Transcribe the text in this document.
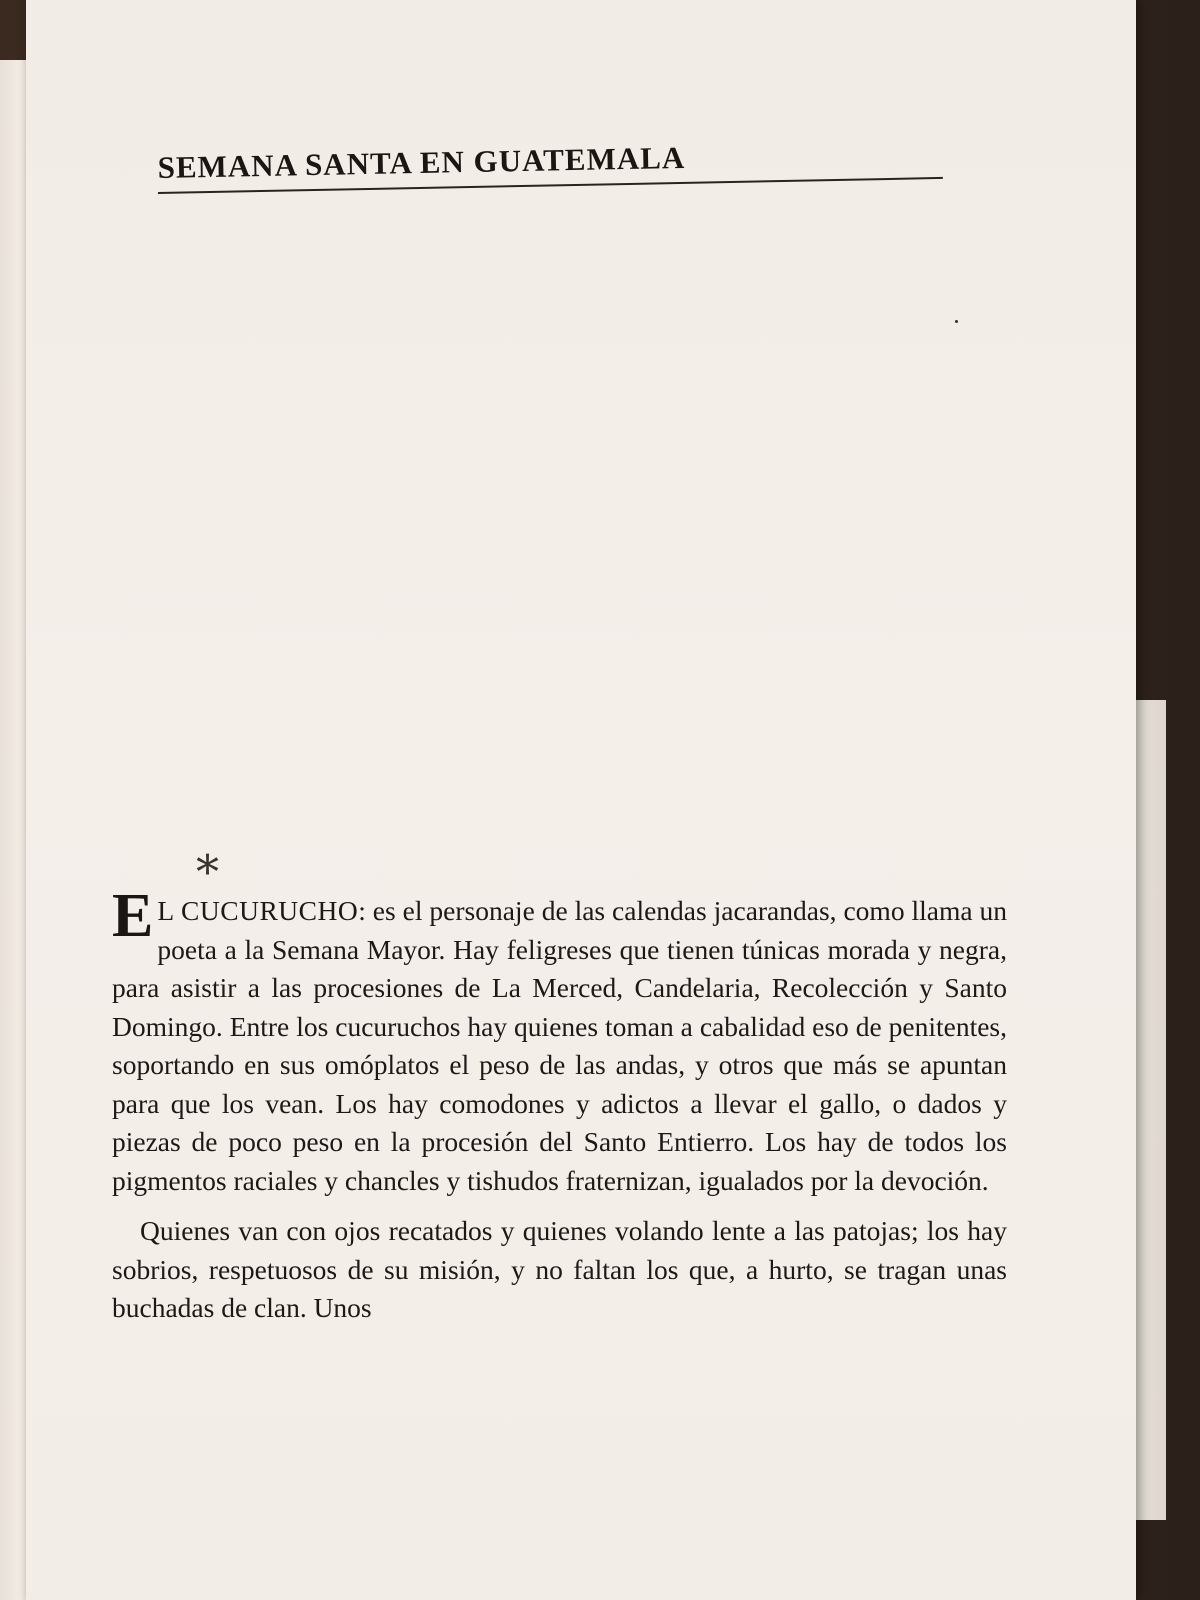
SEMANA SANTA EN GUATEMALA
⁎

E L CUCURUCHO: es el personaje de las calendas jacarandas, como llama un poeta a la Semana Mayor. Hay feligreses que tienen túnicas morada y negra, para asistir a las procesiones de La Merced, Candelaria, Recolección y Santo Domingo. Entre los cucuruchos hay quienes toman a cabalidad eso de penitentes, soportando en sus omóplatos el peso de las andas, y otros que más se apuntan para que los vean. Los hay comodones y adictos a llevar el gallo, o dados y piezas de poco peso en la procesión del Santo Entierro. Los hay de todos los pigmentos raciales y chancles y tishudos fraternizan, igualados por la devoción.

Quienes van con ojos recatados y quienes volando lente a las patojas; los hay sobrios, respetuosos de su misión, y no faltan los que, a hurto, se tragan unas buchadas de clan. Unos
